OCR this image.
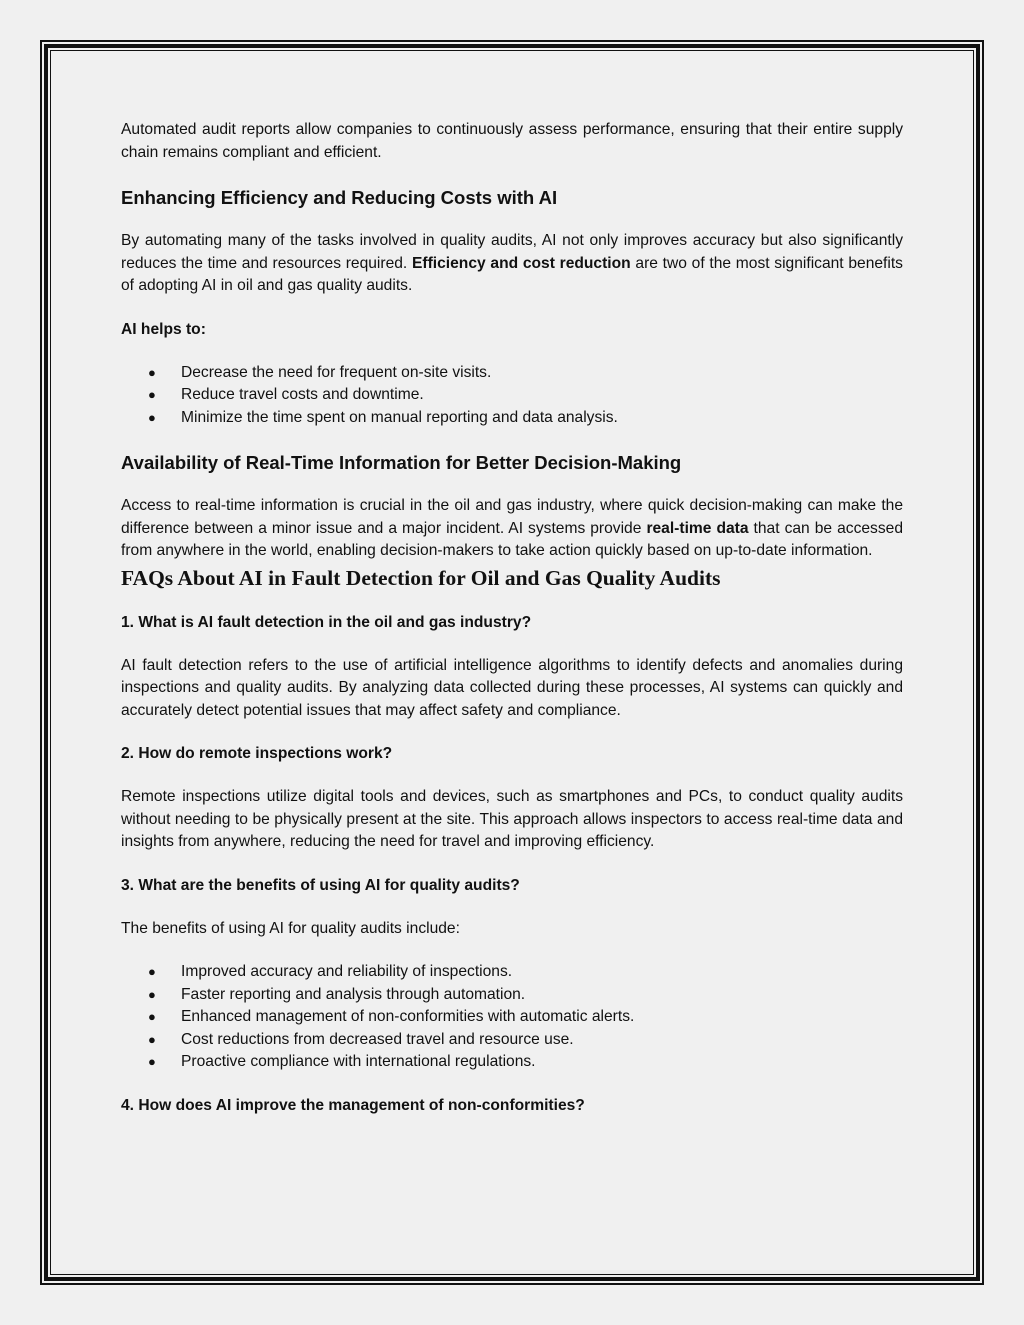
Automated audit reports allow companies to continuously assess performance, ensuring that their entire supply chain remains compliant and efficient.

Enhancing Efficiency and Reducing Costs with AI

By automating many of the tasks involved in quality audits, AI not only improves accuracy but also significantly reduces the time and resources required. Efficiency and cost reduction are two of the most significant benefits of adopting AI in oil and gas quality audits.

AI helps to:
● Decrease the need for frequent on-site visits.
● Reduce travel costs and downtime.
● Minimize the time spent on manual reporting and data analysis.
Availability of Real-Time Information for Better Decision-Making

Access to real-time information is crucial in the oil and gas industry, where quick decision-making can make the difference between a minor issue and a major incident. AI systems provide real-time data that can be accessed from anywhere in the world, enabling decision-makers to take action quickly based on up-to-date information.

FAQs About AI in Fault Detection for Oil and Gas Quality Audits
1. What is AI fault detection in the oil and gas industry?

AI fault detection refers to the use of artificial intelligence algorithms to identify defects and anomalies during inspections and quality audits. By analyzing data collected during these processes, AI systems can quickly and accurately detect potential issues that may affect safety and compliance.

2. How do remote inspections work?

Remote inspections utilize digital tools and devices, such as smartphones and PCs, to conduct quality audits without needing to be physically present at the site. This approach allows inspectors to access real-time data and insights from anywhere, reducing the need for travel and improving efficiency.

3. What are the benefits of using AI for quality audits?

The benefits of using AI for quality audits include:

● Improved accuracy and reliability of inspections.
● Faster reporting and analysis through automation.
● Enhanced management of non-conformities with automatic alerts.
● Cost reductions from decreased travel and resource use.
● Proactive compliance with international regulations.
4. How does AI improve the management of non-conformities?
